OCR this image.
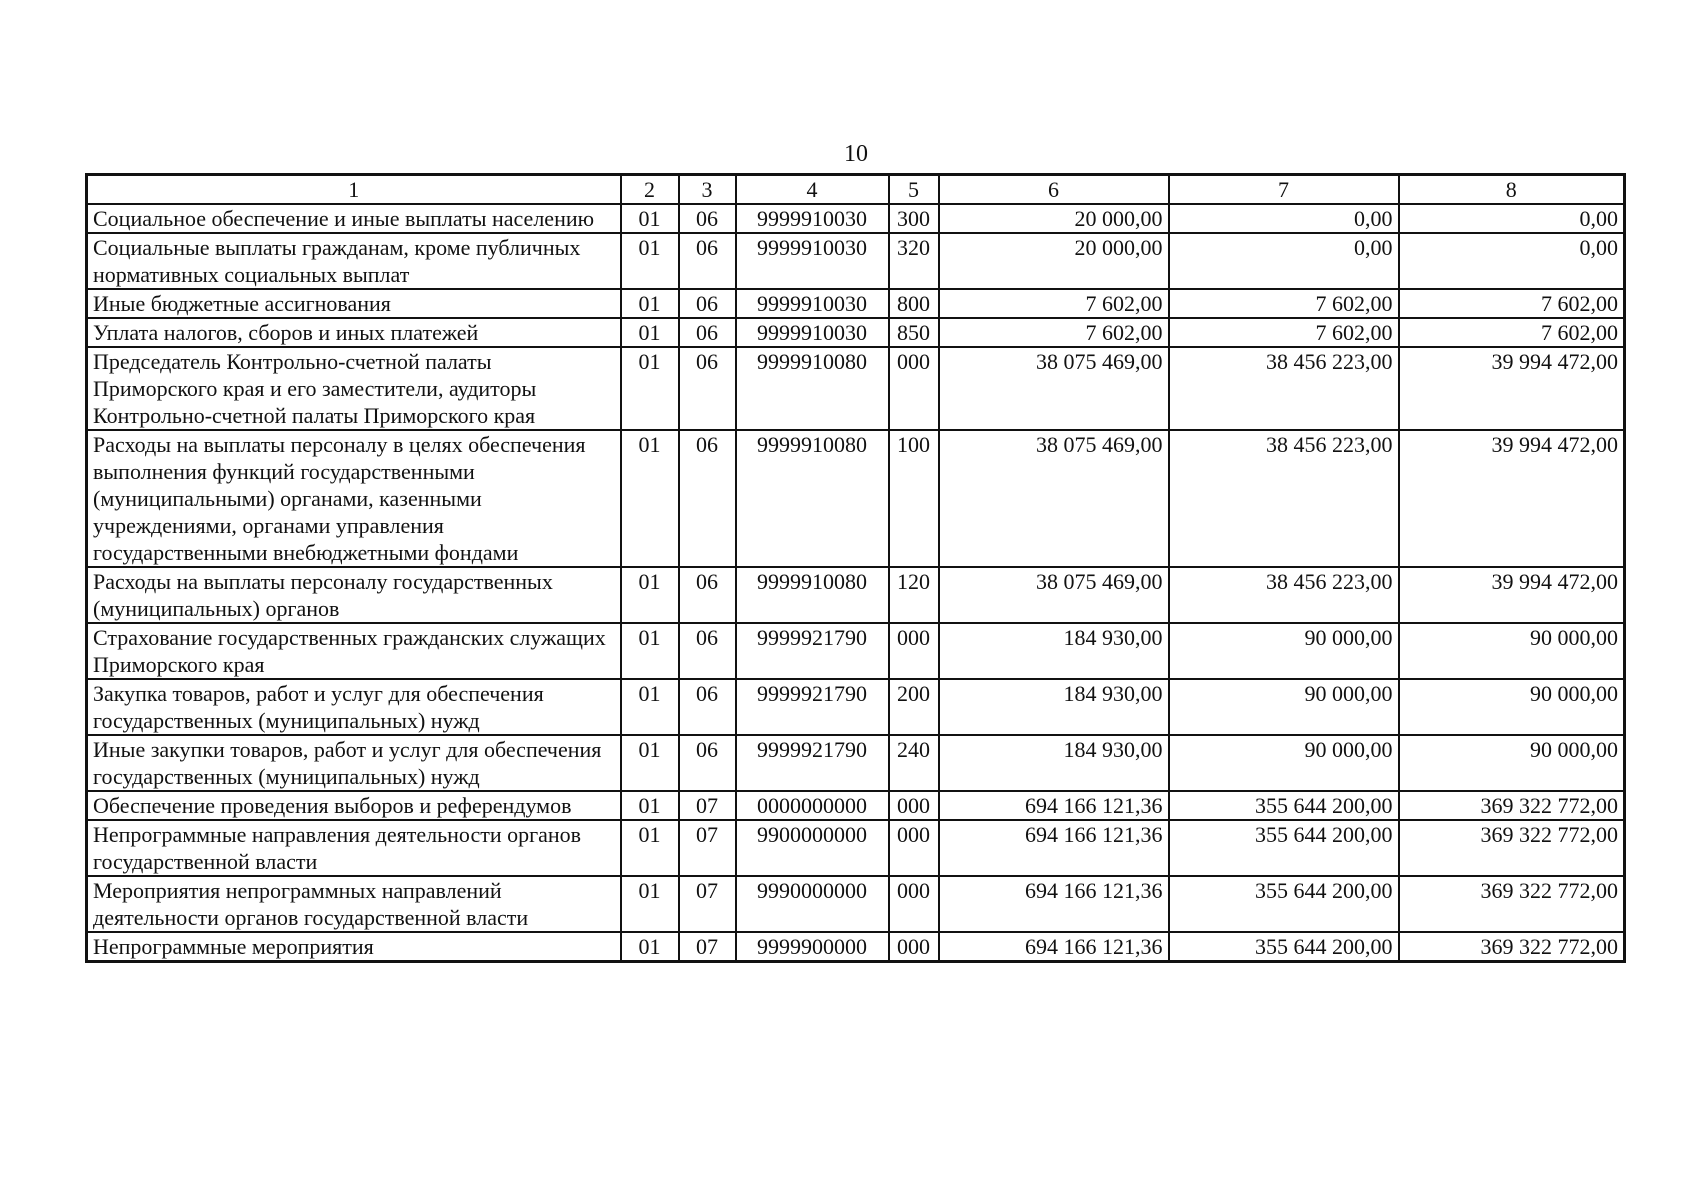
10
1	2	3	4	5	6	7	8
Социальное обеспечение и иные выплаты населению	01	06	9999910030	300	20 000,00	0,00	0,00
Социальные выплаты гражданам, кроме публичных нормативных социальных выплат	01	06	9999910030	320	20 000,00	0,00	0,00
Иные бюджетные ассигнования	01	06	9999910030	800	7 602,00	7 602,00	7 602,00
Уплата налогов, сборов и иных платежей	01	06	9999910030	850	7 602,00	7 602,00	7 602,00
Председатель Контрольно-счетной палаты Приморского края и его заместители, аудиторы Контрольно-счетной палаты Приморского края	01	06	9999910080	000	38 075 469,00	38 456 223,00	39 994 472,00
Расходы на выплаты персоналу в целях обеспечения выполнения функций государственными (муниципальными) органами, казенными учреждениями, органами управления государственными внебюджетными фондами	01	06	9999910080	100	38 075 469,00	38 456 223,00	39 994 472,00
Расходы на выплаты персоналу государственных (муниципальных) органов	01	06	9999910080	120	38 075 469,00	38 456 223,00	39 994 472,00
Страхование государственных гражданских служащих Приморского края	01	06	9999921790	000	184 930,00	90 000,00	90 000,00
Закупка товаров, работ и услуг для обеспечения государственных (муниципальных) нужд	01	06	9999921790	200	184 930,00	90 000,00	90 000,00
Иные закупки товаров, работ и услуг для обеспечения государственных (муниципальных) нужд	01	06	9999921790	240	184 930,00	90 000,00	90 000,00
Обеспечение проведения выборов и референдумов	01	07	0000000000	000	694 166 121,36	355 644 200,00	369 322 772,00
Непрограммные направления деятельности органов государственной власти	01	07	9900000000	000	694 166 121,36	355 644 200,00	369 322 772,00
Мероприятия непрограммных направлений деятельности органов государственной власти	01	07	9990000000	000	694 166 121,36	355 644 200,00	369 322 772,00
Непрограммные мероприятия	01	07	9999900000	000	694 166 121,36	355 644 200,00	369 322 772,00
